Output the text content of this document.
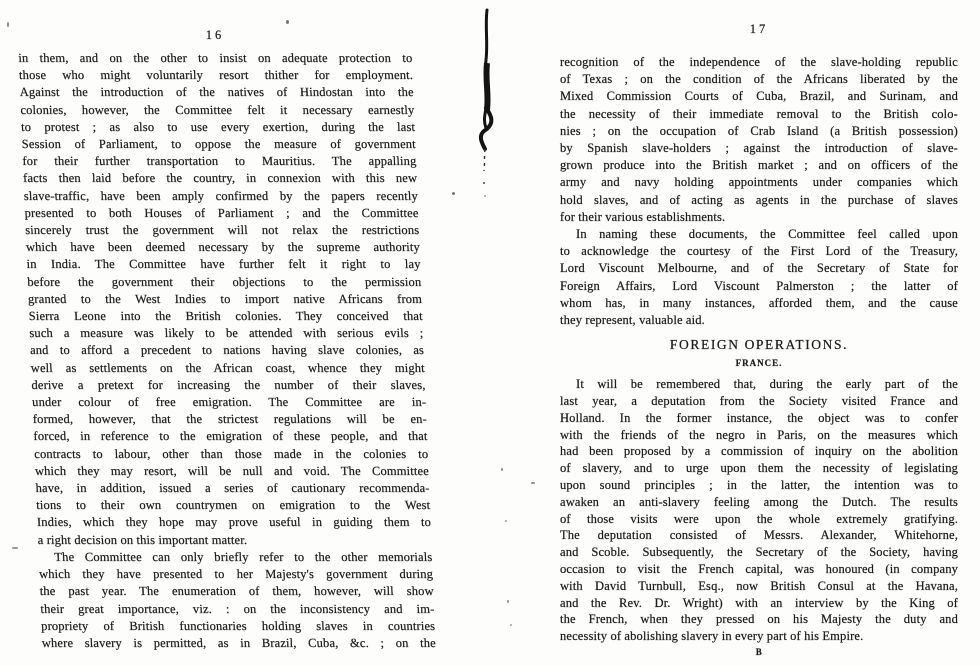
16
in them, and on the other to insist on adequate protection to
those who might voluntarily resort thither for employment.
Against the introduction of the natives of Hindostan into the
colonies, however, the Committee felt it necessary earnestly
to protest ; as also to use every exertion, during the last
Session of Parliament, to oppose the measure of government
for their further transportation to Mauritius. The appalling
facts then laid before the country, in connexion with this new
slave-traffic, have been amply confirmed by the papers recently
presented to both Houses of Parliament ; and the Committee
sincerely trust the government will not relax the restrictions
which have been deemed necessary by the supreme authority
in India. The Committee have further felt it right to lay
before the government their objections to the permission
granted to the West Indies to import native Africans from
Sierra Leone into the British colonies. They conceived that
such a measure was likely to be attended with serious evils ;
and to afford a precedent to nations having slave colonies, as
well as settlements on the African coast, whence they might
derive a pretext for increasing the number of their slaves,
under colour of free emigration. The Committee are in-
formed, however, that the strictest regulations will be en-
forced, in reference to the emigration of these people, and that
contracts to labour, other than those made in the colonies to
which they may resort, will be null and void. The Committee
have, in addition, issued a series of cautionary recommenda-
tions to their own countrymen on emigration to the West
Indies, which they hope may prove useful in guiding them to
a right decision on this important matter.
The Committee can only briefly refer to the other memorials
which they have presented to her Majesty's government during
the past year. The enumeration of them, however, will show
their great importance, viz. : on the inconsistency and im-
propriety of British functionaries holding slaves in countries
where slavery is permitted, as in Brazil, Cuba, &c. ; on the
17
recognition of the independence of the slave-holding republic
of Texas ; on the condition of the Africans liberated by the
Mixed Commission Courts of Cuba, Brazil, and Surinam, and
the necessity of their immediate removal to the British colo-
nies ; on the occupation of Crab Island (a British possession)
by Spanish slave-holders ; against the introduction of slave-
grown produce into the British market ; and on officers of the
army and navy holding appointments under companies which
hold slaves, and of acting as agents in the purchase of slaves
for their various establishments.
In naming these documents, the Committee feel called upon
to acknowledge the courtesy of the First Lord of the Treasury,
Lord Viscount Melbourne, and of the Secretary of State for
Foreign Affairs, Lord Viscount Palmerston ; the latter of
whom has, in many instances, afforded them, and the cause
they represent, valuable aid.
FOREIGN OPERATIONS.
FRANCE.
It will be remembered that, during the early part of the
last year, a deputation from the Society visited France and
Holland. In the former instance, the object was to confer
with the friends of the negro in Paris, on the measures which
had been proposed by a commission of inquiry on the abolition
of slavery, and to urge upon them the necessity of legislating
upon sound principles ; in the latter, the intention was to
awaken an anti-slavery feeling among the Dutch. The results
of those visits were upon the whole extremely gratifying.
The deputation consisted of Messrs. Alexander, Whitehorne,
and Scoble. Subsequently, the Secretary of the Society, having
occasion to visit the French capital, was honoured (in company
with David Turnbull, Esq., now British Consul at the Havana,
and the Rev. Dr. Wright) with an interview by the King of
the French, when they pressed on his Majesty the duty and
necessity of abolishing slavery in every part of his Empire.
B
